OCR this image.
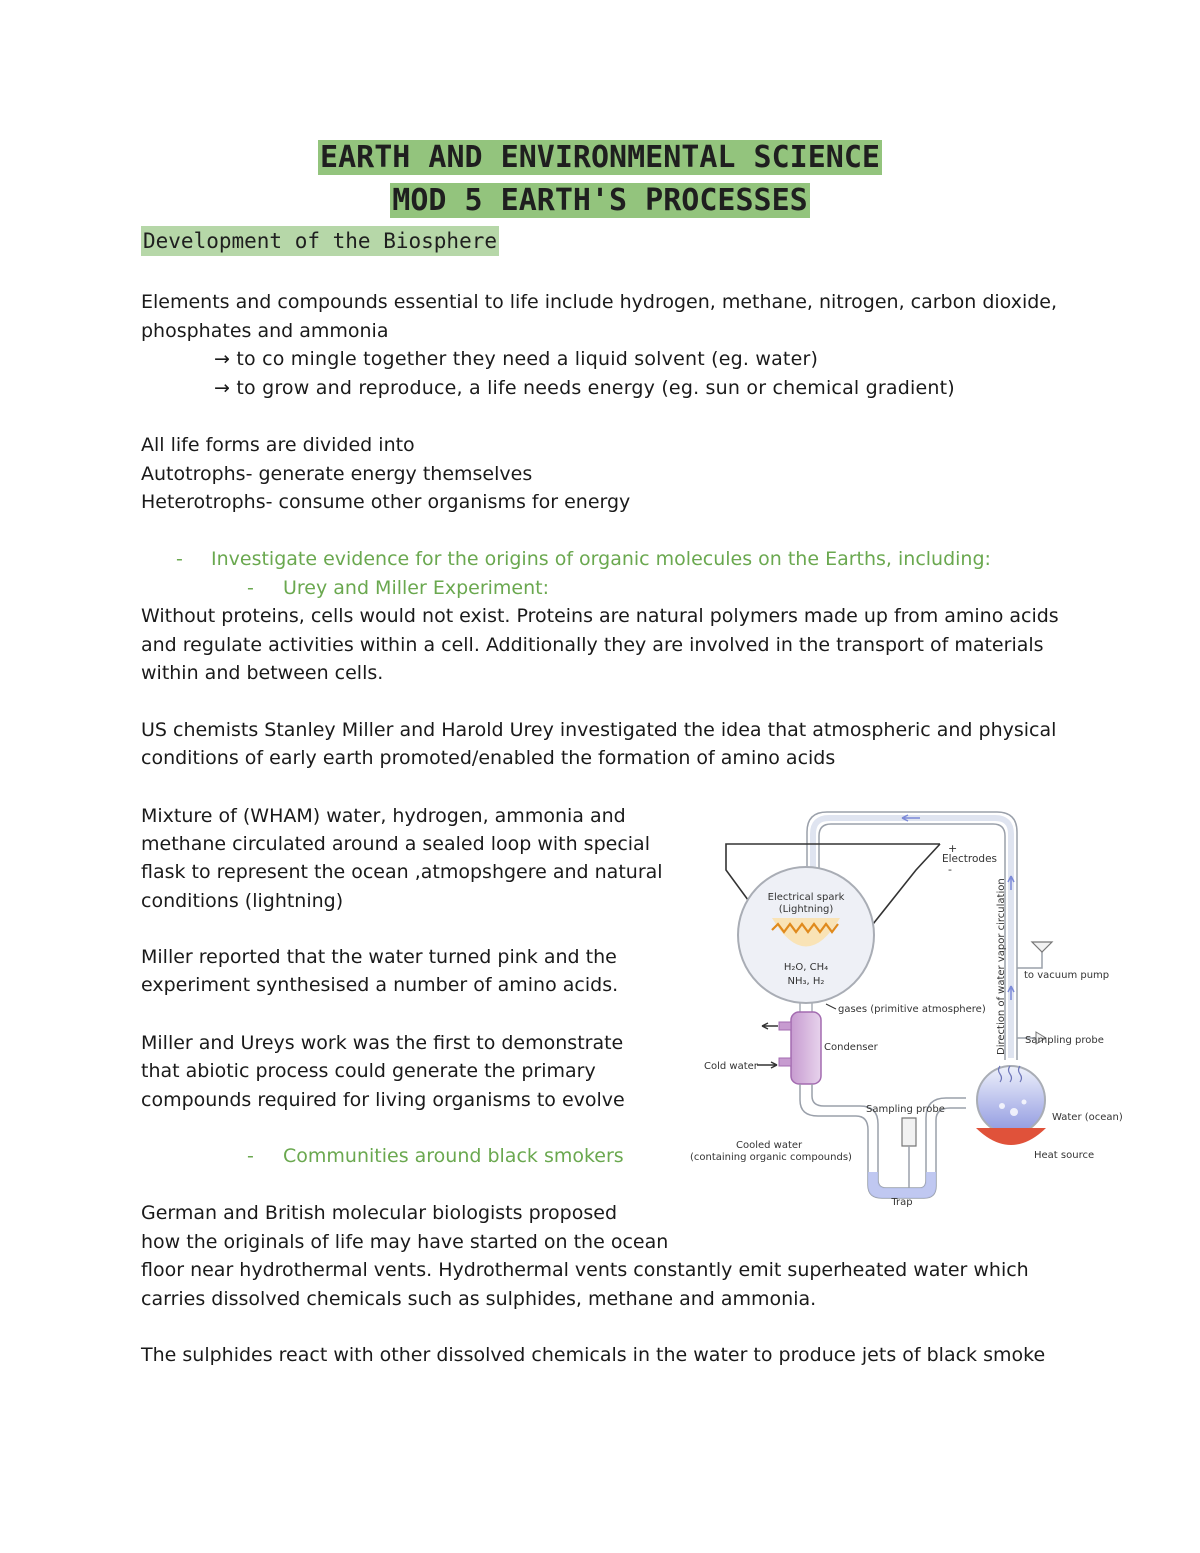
EARTH AND ENVIRONMENTAL SCIENCE
MOD 5 EARTH'S PROCESSES
Development of the Biosphere

Elements and compounds essential to life include hydrogen, methane, nitrogen, carbon dioxide,

phosphates and ammonia

→ to co mingle together they need a liquid solvent (eg. water)

→ to grow and reproduce, a life needs energy (eg. sun or chemical gradient)

All life forms are divided into

Autotrophs- generate energy themselves

Heterotrophs- consume other organisms for energy

- Investigate evidence for the origins of organic molecules on the Earths, including:

- Urey and Miller Experiment:

Without proteins, cells would not exist. Proteins are natural polymers made up from amino acids

and regulate activities within a cell. Additionally they are involved in the transport of materials

within and between cells.

US chemists Stanley Miller and Harold Urey investigated the idea that atmospheric and physical

conditions of early earth promoted/enabled the formation of amino acids

Mixture of (WHAM) water, hydrogen, ammonia and

methane circulated around a sealed loop with special

flask to represent the ocean ,atmopshgere and natural

conditions (lightning)

Miller reported that the water turned pink and the

experiment synthesised a number of amino acids.

Miller and Ureys work was the first to demonstrate

that abiotic process could generate the primary

compounds required for living organisms to evolve

- Communities around black smokers

German and British molecular biologists proposed

how the originals of life may have started on the ocean

floor near hydrothermal vents. Hydrothermal vents constantly emit superheated water which

carries dissolved chemicals such as sulphides, methane and ammonia.

The sulphides react with other dissolved chemicals in the water to produce jets of black smoke

Electrodes
+
-
Electrical spark
(Lightning)
H₂O, CH₄
NH₃, H₂
gases (primitive atmosphere)
Cold water
Condenser
Trap
Sampling probe
Cooled water
(containing organic compounds)
Water (ocean)
Heat source
to vacuum pump
Sampling probe
Direction of water vapor circulation
